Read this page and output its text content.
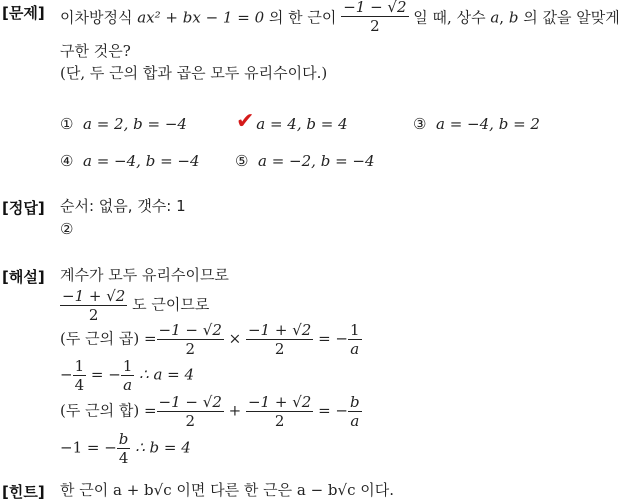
[문제]
[정답]
[해설]
[힌트]
이차방정식 ax² + bx − 1 = 0 의 한 근이 $\frac{-1 - √2}{2}$ 일 때, 상수 a, b 의 값을 알맞게
구한 것은?
(단, 두 근의 합과 곱은 모두 유리수이다.)
① a = 2, b = −4 ✔ a = 4, b = 4	③ a = −4, b = 2
④ a = −4, b = −4 ⑤ a = −2, b = −4
순서: 없음, 갯수: 1
②
계수가 모두 유리수이므로
$\frac{-1 + √2}{2}$ 도 근이므로
(두 근의 곱) = $\frac{-1 - √2}{2} \times \frac{-1 + √2}{2}$ = − $\frac{1}{a}$
− $\frac{1}{4}$ = − $\frac{1}{a}$ ∴ a = 4
(두 근의 합) = $\frac{-1 - √2}{2} + \frac{-1 + √2}{2}$ = − $\frac{b}{a}$
−1 = − $\frac{b}{4}$ ∴ b = 4
한 근이 a + b√c 이면 다른 한 근은 a − b√c 이다.
